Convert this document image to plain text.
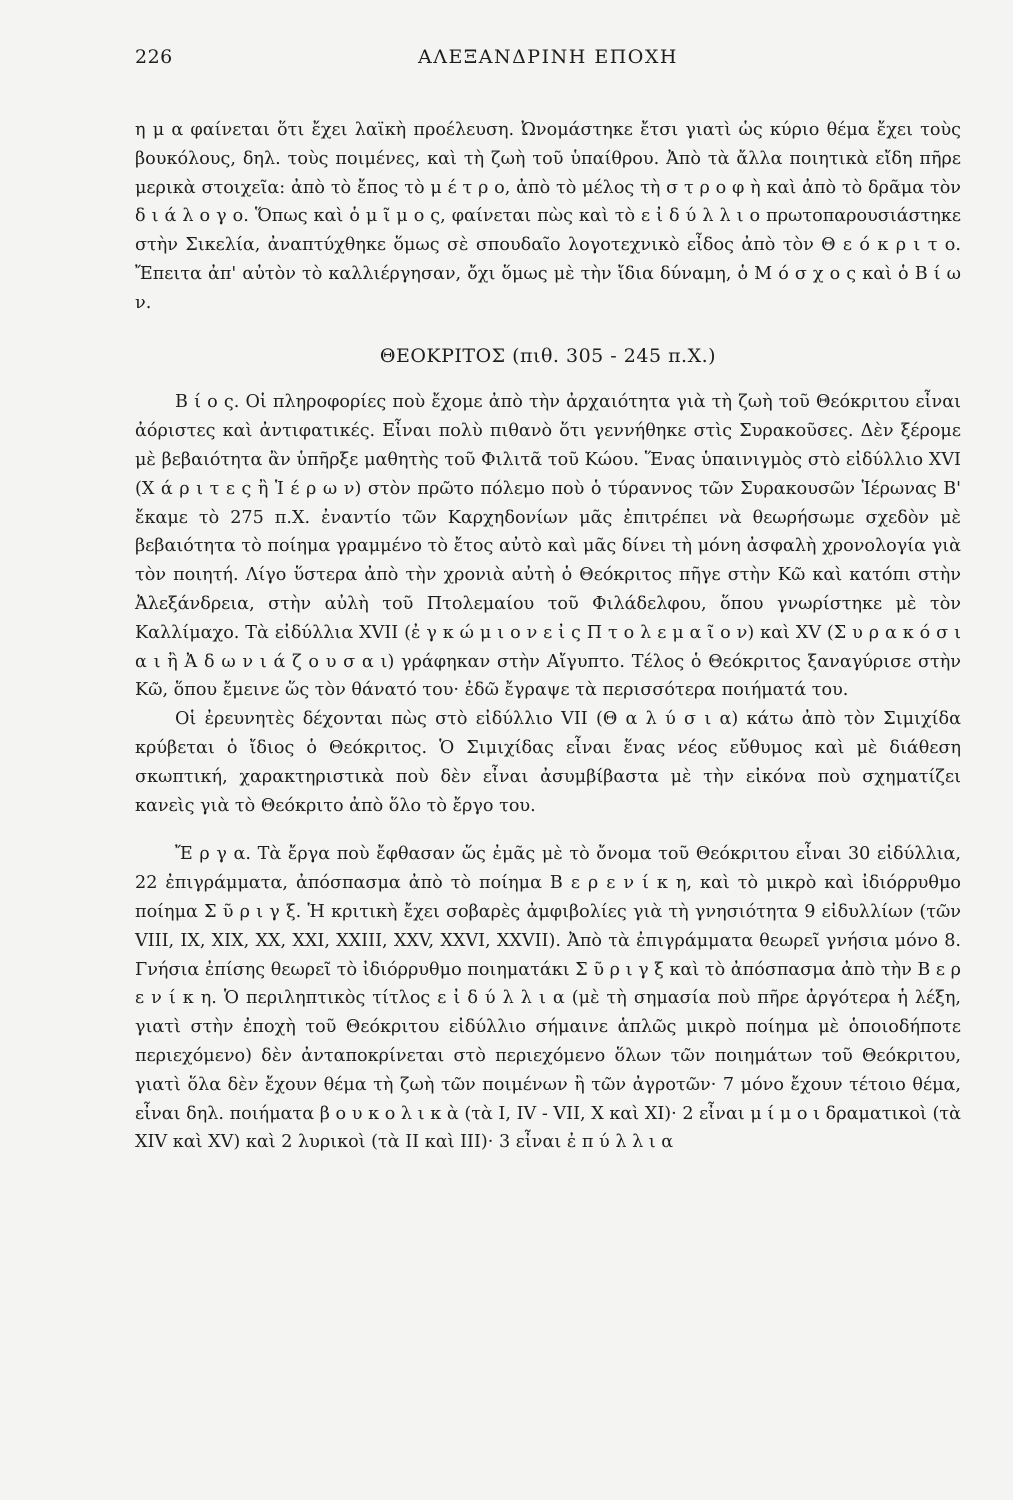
226	ΑΛΕΞΑΝΔΡΙΝΗ ΕΠΟΧΗ

η μ α φαίνεται ὅτι ἔχει λαϊκὴ προέλευση. Ὠνομάστηκε ἔτσι γιατὶ ὡς κύριο θέμα ἔχει τοὺς βουκόλους, δηλ. τοὺς ποιμένες, καὶ τὴ ζωὴ τοῦ ὑπαίθρου. Ἀπὸ τὰ ἄλλα ποιητικὰ εἴδη πῆρε μερικὰ στοιχεῖα: ἀπὸ τὸ ἔπος τὸ μ έ τ ρ ο, ἀπὸ τὸ μέλος τὴ σ τ ρ ο φ ὴ καὶ ἀπὸ τὸ δρᾶμα τὸν δ ι ά λ ο γ ο. Ὅπως καὶ ὁ μ ῖ μ ο ς, φαίνεται πὼς καὶ τὸ ε ἰ δ ύ λ λ ι ο πρωτοπαρουσιάστηκε στὴν Σικελία, ἀναπτύχθηκε ὅμως σὲ σπουδαῖο λογοτεχνικὸ εἶδος ἀπὸ τὸν Θ ε ό κ ρ ι τ ο. Ἔπειτα ἀπ' αὐτὸν τὸ καλλιέργησαν, ὄχι ὅμως μὲ τὴν ἴδια δύναμη, ὁ Μ ό σ χ ο ς καὶ ὁ Β ί ω ν.

ΘΕΟΚΡΙΤΟΣ (πιθ. 305 - 245 π.Χ.)

Β ί ο ς. Οἱ πληροφορίες ποὺ ἔχομε ἀπὸ τὴν ἀρχαιότητα γιὰ τὴ ζωὴ τοῦ Θεόκριτου εἶναι ἀόριστες καὶ ἀντιφατικές. Εἶναι πολὺ πιθανὸ ὅτι γεννήθηκε στὶς Συρακοῦσες. Δὲν ξέρομε μὲ βεβαιότητα ἂν ὑπῆρξε μαθητὴς τοῦ Φιλιτᾶ τοῦ Κώου. Ἕνας ὑπαινιγμὸς στὸ εἰδύλλιο XVI (Χ ά ρ ι τ ε ς ἢ Ἱ έ ρ ω ν) στὸν πρῶτο πόλεμο ποὺ ὁ τύραννος τῶν Συρακουσῶν Ἱέρωνας Β' ἔκαμε τὸ 275 π.Χ. ἐναντίο τῶν Καρχηδονίων μᾶς ἐπιτρέπει νὰ θεωρήσωμε σχεδὸν μὲ βεβαιότητα τὸ ποίημα γραμμένο τὸ ἔτος αὐτὸ καὶ μᾶς δίνει τὴ μόνη ἀσφαλὴ χρονολογία γιὰ τὸν ποιητή. Λίγο ὕστερα ἀπὸ τὴν χρονιὰ αὐτὴ ὁ Θεόκριτος πῆγε στὴν Κῶ καὶ κατόπι στὴν Ἀλεξάνδρεια, στὴν αὐλὴ τοῦ Πτολεμαίου τοῦ Φιλάδελφου, ὅπου γνωρίστηκε μὲ τὸν Καλλίμαχο. Τὰ εἰδύλλια XVII (ἐ γ κ ώ μ ι ο ν ε ἰ ς Π τ ο λ ε μ α ῖ ο ν) καὶ XV (Σ υ ρ α κ ό σ ι α ι ἢ Ἀ δ ω ν ι ά ζ ο υ σ α ι) γράφηκαν στὴν Αἴγυπτο. Τέλος ὁ Θεόκριτος ξαναγύρισε στὴν Κῶ, ὅπου ἔμεινε ὥς τὸν θάνατό του· ἐδῶ ἔγραψε τὰ περισσότερα ποιήματά του.

Οἱ ἐρευνητὲς δέχονται πὼς στὸ εἰδύλλιο VII (Θ α λ ύ σ ι α) κάτω ἀπὸ τὸν Σιμιχίδα κρύβεται ὁ ἴδιος ὁ Θεόκριτος. Ὁ Σιμιχίδας εἶναι ἕνας νέος εὔθυμος καὶ μὲ διάθεση σκωπτική, χαρακτηριστικὰ ποὺ δὲν εἶναι ἀσυμβίβαστα μὲ τὴν εἰκόνα ποὺ σχηματίζει κανεὶς γιὰ τὸ Θεόκριτο ἀπὸ ὅλο τὸ ἔργο του.

Ἔ ρ γ α. Τὰ ἔργα ποὺ ἔφθασαν ὥς ἐμᾶς μὲ τὸ ὄνομα τοῦ Θεόκριτου εἶναι 30 εἰδύλλια, 22 ἐπιγράμματα, ἀπόσπασμα ἀπὸ τὸ ποίημα Β ε ρ ε ν ί κ η, καὶ τὸ μικρὸ καὶ ἰδιόρρυθμο ποίημα Σ ῦ ρ ι γ ξ. Ἡ κριτικὴ ἔχει σοβαρὲς ἀμφιβολίες γιὰ τὴ γνησιότητα 9 εἰδυλλίων (τῶν VIII, IX, XIX, XX, XXI, XXIII, XXV, XXVI, XXVII). Ἀπὸ τὰ ἐπιγράμματα θεωρεῖ γνήσια μόνο 8. Γνήσια ἐπίσης θεωρεῖ τὸ ἰδιόρρυθμο ποιηματάκι Σ ῦ ρ ι γ ξ καὶ τὸ ἀπόσπασμα ἀπὸ τὴν Β ε ρ ε ν ί κ η. Ὁ περιληπτικὸς τίτλος ε ἰ δ ύ λ λ ι α (μὲ τὴ σημασία ποὺ πῆρε ἀργότερα ἡ λέξη, γιατὶ στὴν ἐποχὴ τοῦ Θεόκριτου εἰδύλλιο σήμαινε ἁπλῶς μικρὸ ποίημα μὲ ὁποιοδήποτε περιεχόμενο) δὲν ἀνταποκρίνεται στὸ περιεχόμενο ὅλων τῶν ποιημάτων τοῦ Θεόκριτου, γιατὶ ὅλα δὲν ἔχουν θέμα τὴ ζωὴ τῶν ποιμένων ἢ τῶν ἀγροτῶν· 7 μόνο ἔχουν τέτοιο θέμα, εἶναι δηλ. ποιήματα β ο υ κ ο λ ι κ ὰ (τὰ I, IV - VII, X καὶ XI)· 2 εἶναι μ ί μ ο ι δραματικοὶ (τὰ XIV καὶ XV) καὶ 2 λυρικοὶ (τὰ II καὶ III)· 3 εἶναι ἐ π ύ λ λ ι α
